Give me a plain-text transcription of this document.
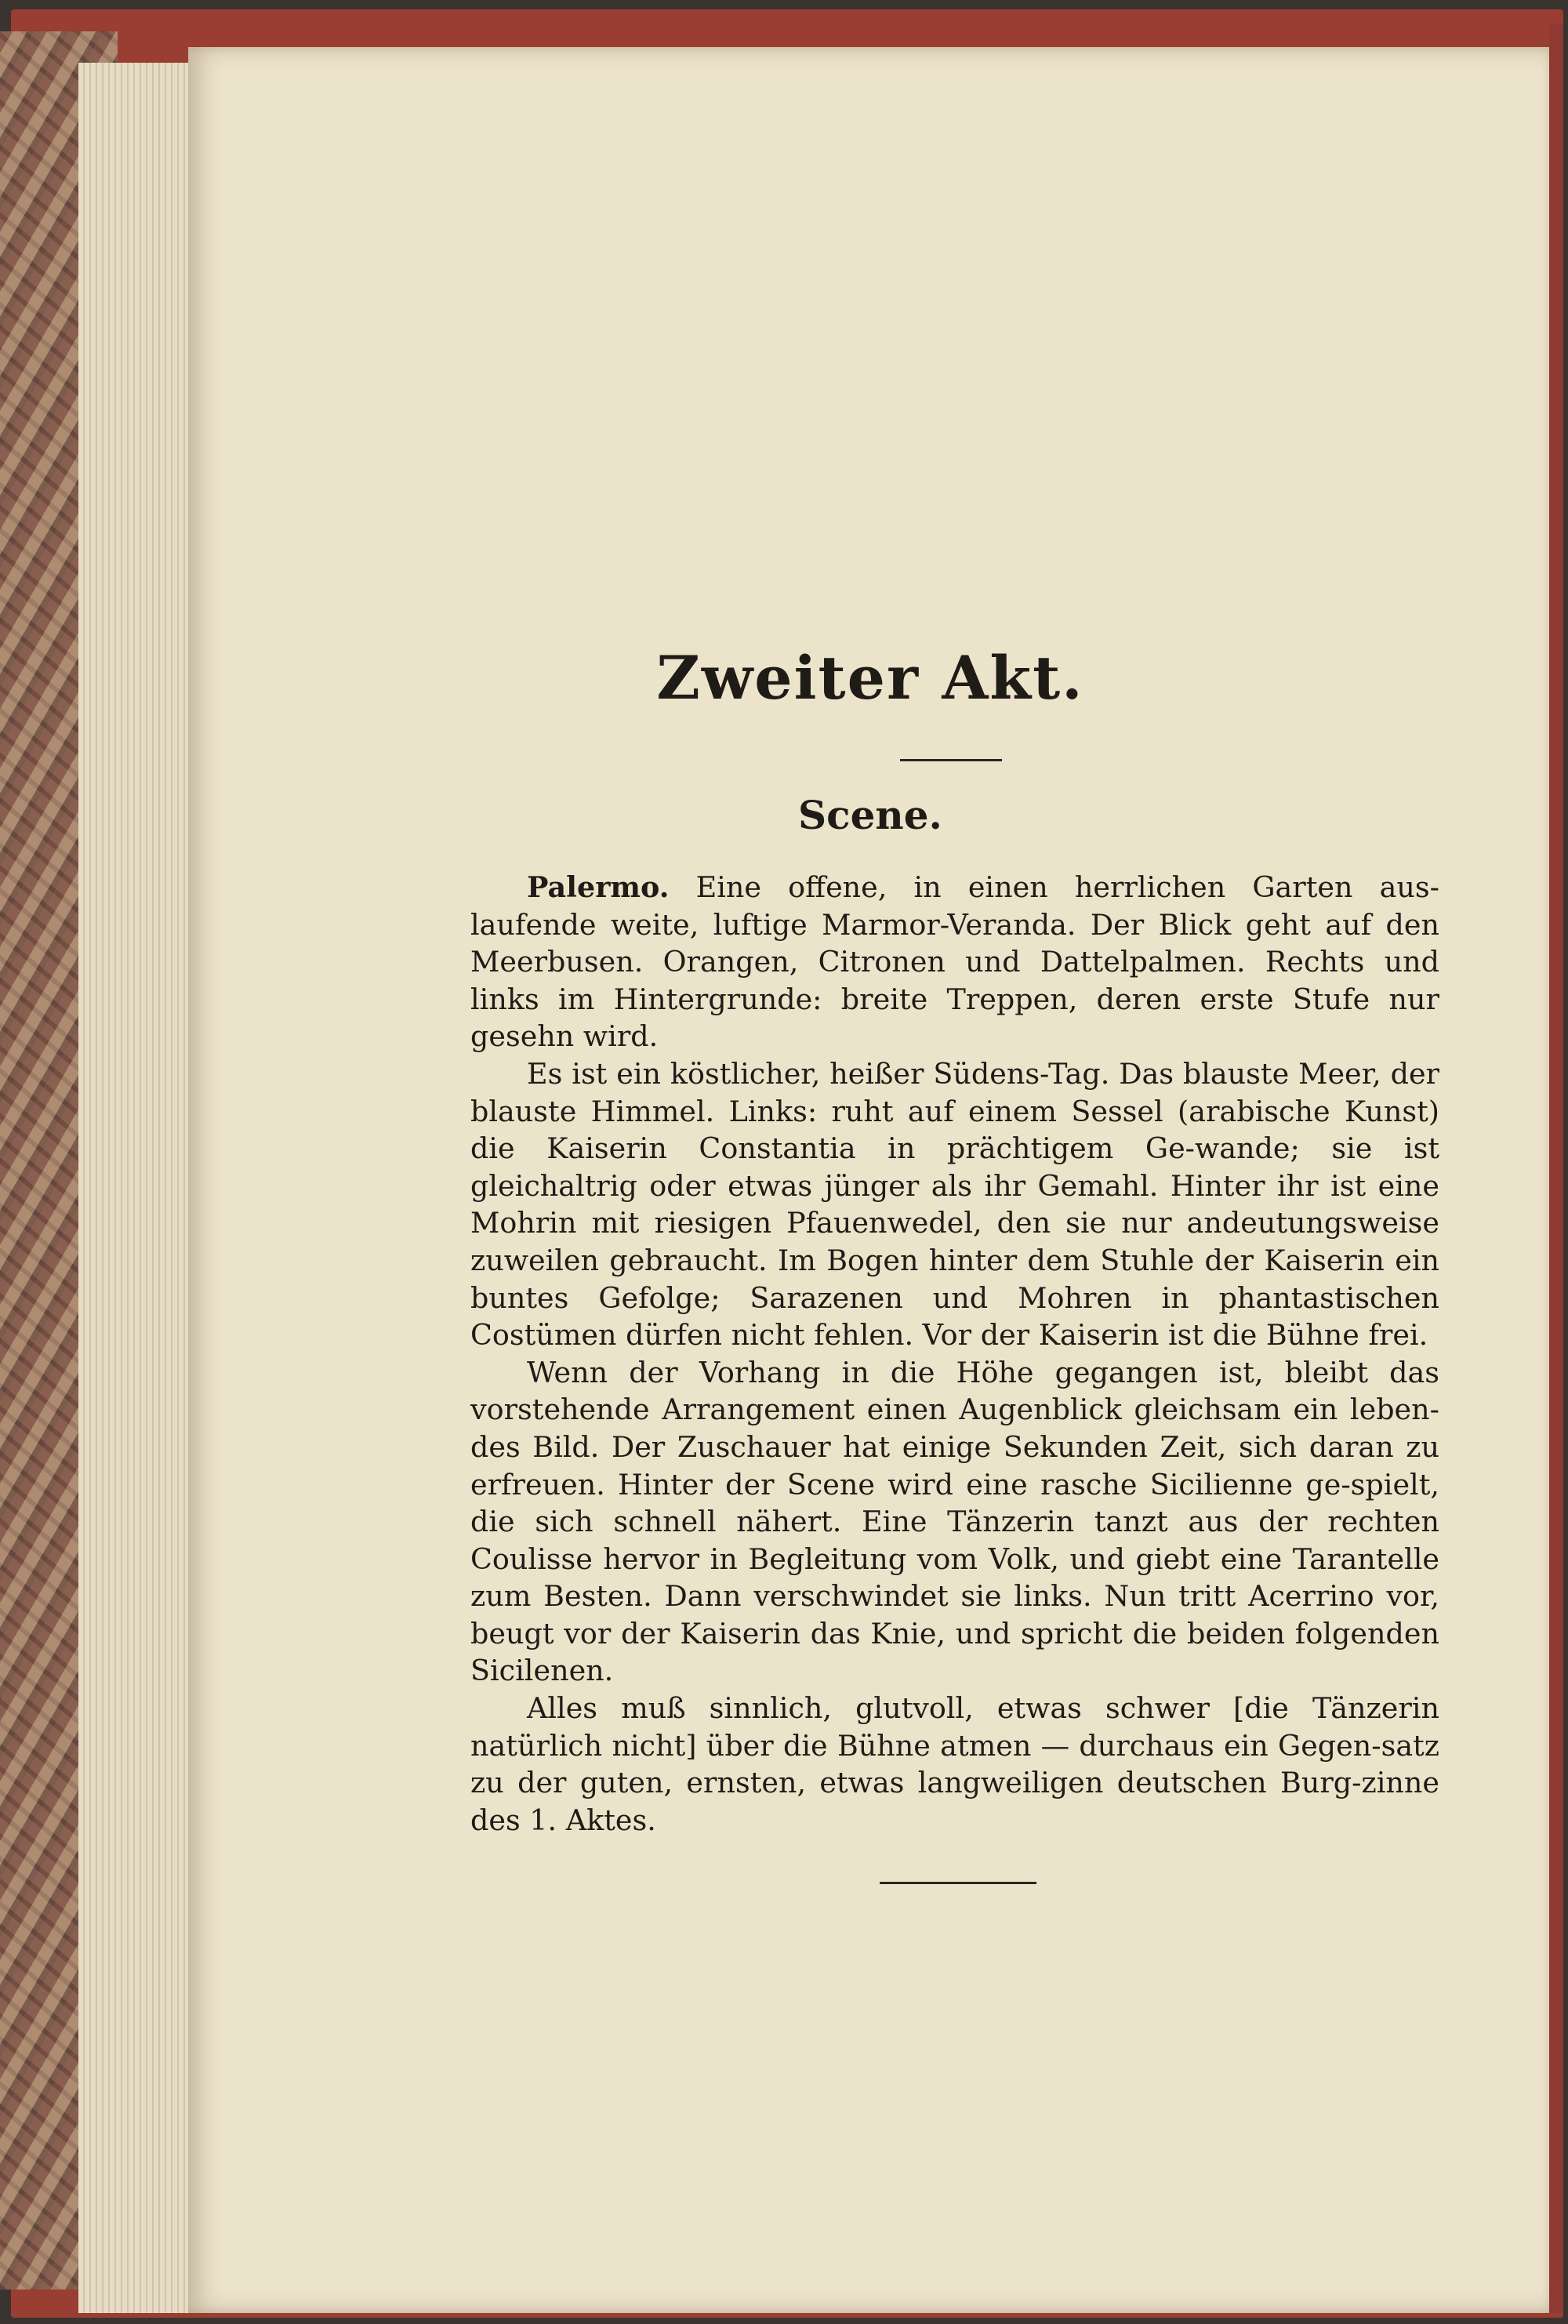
Zweiter Akt.
Scene.

Palermo. Eine offene, in einen herrlichen Garten aus-laufende weite, luftige Marmor-Veranda. Der Blick geht auf den Meerbusen. Orangen, Citronen und Dattelpalmen. Rechts und links im Hintergrunde: breite Treppen, deren erste Stufe nur gesehn wird.

Es ist ein köstlicher, heißer Südens-Tag. Das blauste Meer, der blauste Himmel. Links: ruht auf einem Sessel (arabische Kunst) die Kaiserin Constantia in prächtigem Ge-wande; sie ist gleichaltrig oder etwas jünger als ihr Gemahl. Hinter ihr ist eine Mohrin mit riesigen Pfauenwedel, den sie nur andeutungsweise zuweilen gebraucht. Im Bogen hinter dem Stuhle der Kaiserin ein buntes Gefolge; Sarazenen und Mohren in phantastischen Costümen dürfen nicht fehlen. Vor der Kaiserin ist die Bühne frei.

Wenn der Vorhang in die Höhe gegangen ist, bleibt das vorstehende Arrangement einen Augenblick gleichsam ein leben-des Bild. Der Zuschauer hat einige Sekunden Zeit, sich daran zu erfreuen. Hinter der Scene wird eine rasche Sicilienne ge-spielt, die sich schnell nähert. Eine Tänzerin tanzt aus der rechten Coulisse hervor in Begleitung vom Volk, und giebt eine Tarantelle zum Besten. Dann verschwindet sie links. Nun tritt Acerrino vor, beugt vor der Kaiserin das Knie, und spricht die beiden folgenden Sicilenen.

Alles muß sinnlich, glutvoll, etwas schwer [die Tänzerin natürlich nicht] über die Bühne atmen — durchaus ein Gegen-satz zu der guten, ernsten, etwas langweiligen deutschen Burg-zinne des 1. Aktes.
